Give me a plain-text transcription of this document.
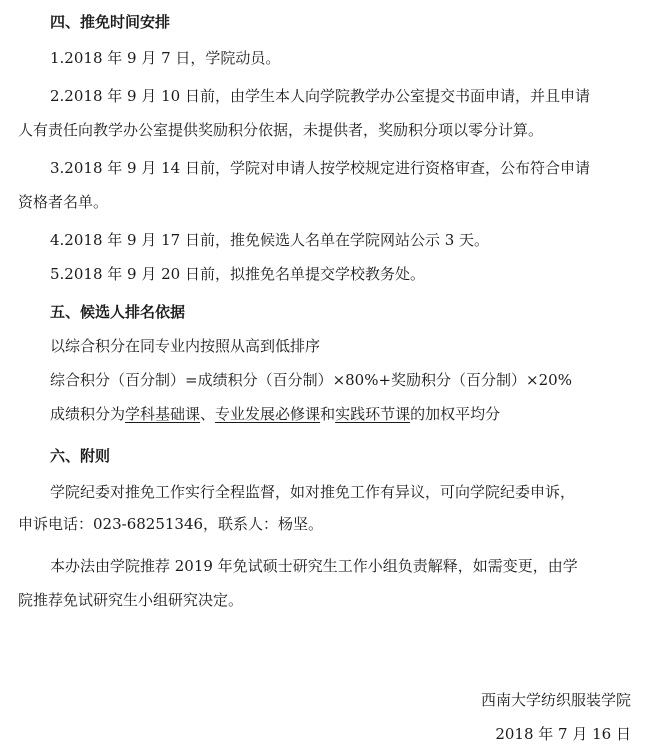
四、推免时间安排
1.2018 年 9 月 7 日，学院动员。
2.2018 年 9 月 10 日前，由学生本人向学院教学办公室提交书面申请，并且申请
人有责任向教学办公室提供奖励积分依据，未提供者，奖励积分项以零分计算。
3.2018 年 9 月 14 日前，学院对申请人按学校规定进行资格审查，公布符合申请
资格者名单。
4.2018 年 9 月 17 日前，推免候选人名单在学院网站公示 3 天。
5.2018 年 9 月 20 日前，拟推免名单提交学校教务处。
五、候选人排名依据
以综合积分在同专业内按照从高到低排序
综合积分（百分制）=成绩积分（百分制）×80%+奖励积分（百分制）×20%
成绩积分为学科基础课、专业发展必修课和实践环节课的加权平均分
六、附则
学院纪委对推免工作实行全程监督，如对推免工作有异议，可向学院纪委申诉，
申诉电话：023-68251346，联系人：杨坚。
本办法由学院推荐 2019 年免试硕士研究生工作小组负责解释，如需变更，由学
院推荐免试研究生小组研究决定。
西南大学纺织服装学院
2018 年 7 月 16 日
